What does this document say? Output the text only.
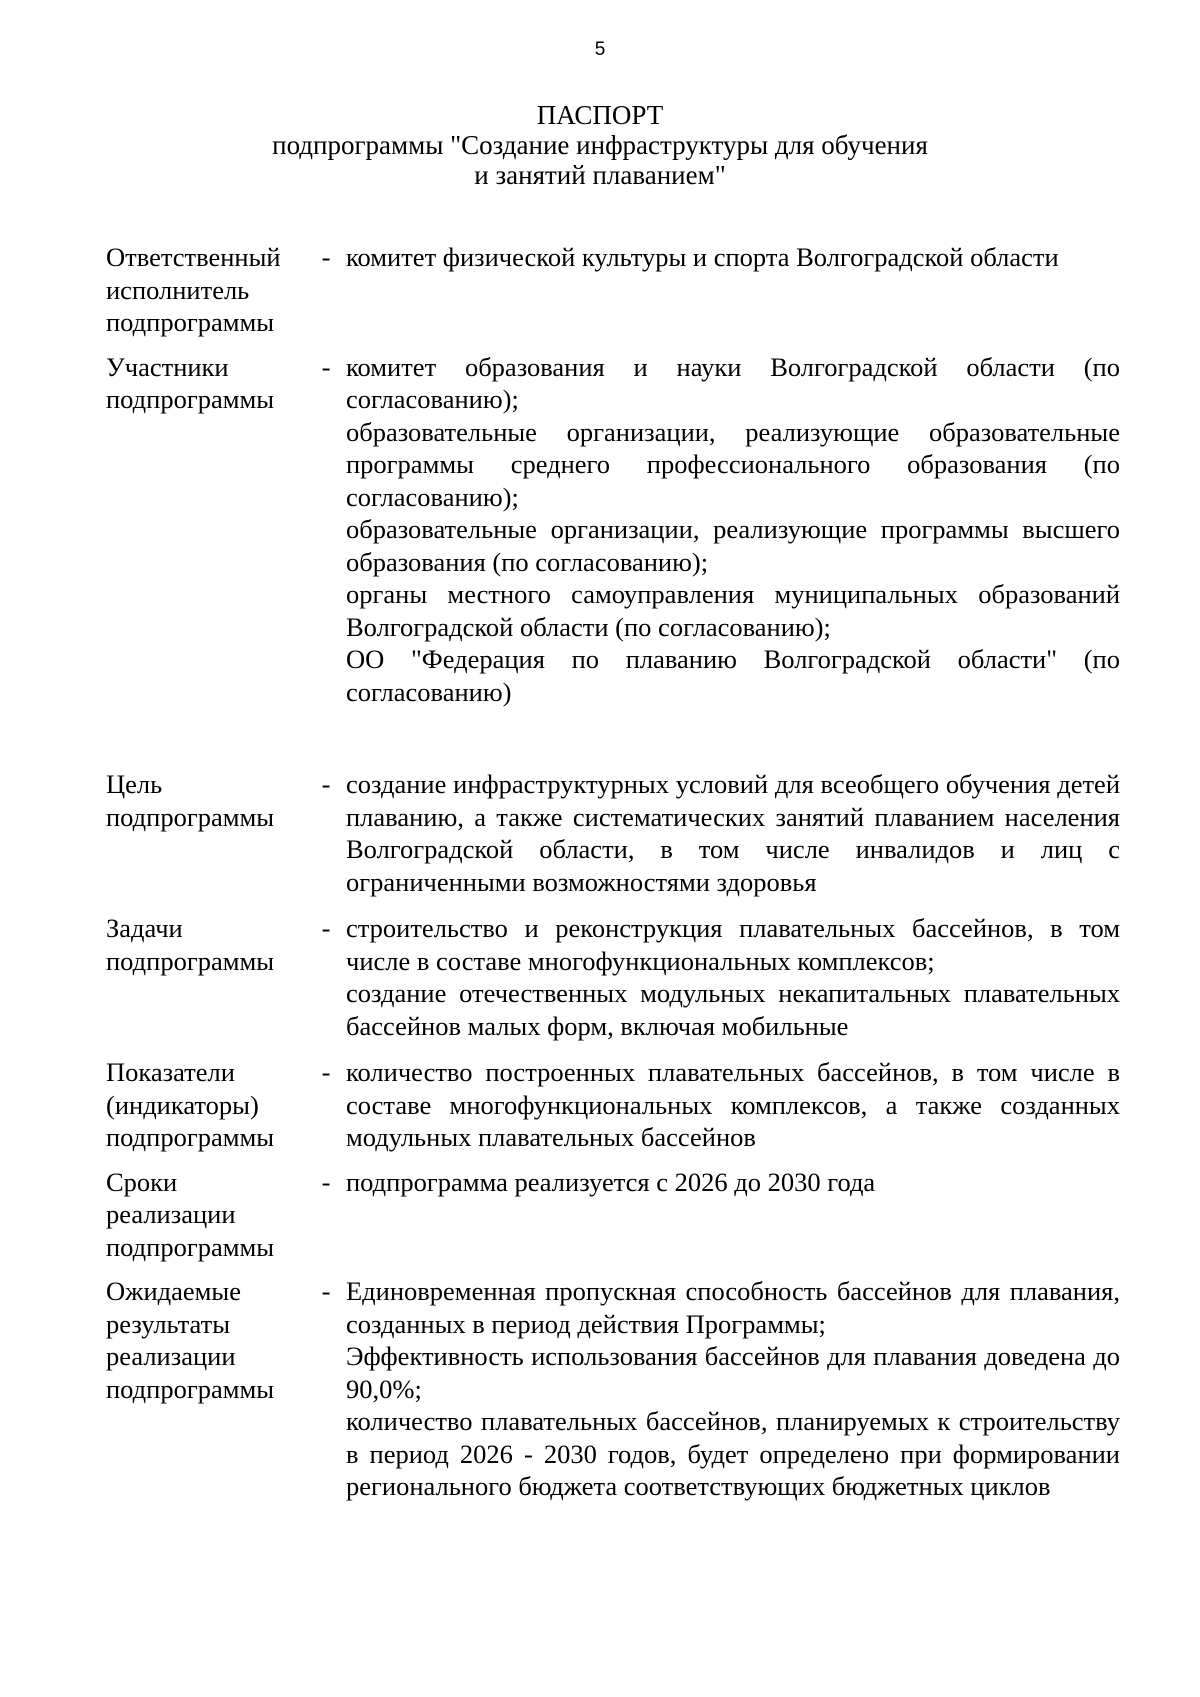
5
ПАСПОРТ
подпрограммы "Создание инфраструктуры для обучения
и занятий плаванием"
Ответственный
исполнитель
подпрограммы
- комитет физической культуры и спорта Волгоградской области

Участники
подпрограммы
- комитет образования и науки Волгоградской области (по согласованию);

образовательные организации, реализующие образовательные программы среднего профессионального образования (по согласованию);

образовательные организации, реализующие программы высшего образования (по согласованию);

органы местного самоуправления муниципальных образований Волгоградской области (по согласованию);

ОО "Федерация по плаванию Волгоградской области" (по согласованию)

Цель
подпрограммы
- создание инфраструктурных условий для всеобщего обучения детей плаванию, а также систематических занятий плаванием населения Волгоградской области, в том числе инвалидов и лиц с ограниченными возможностями здоровья

Задачи
подпрограммы
- строительство и реконструкция плавательных бассейнов, в том числе в составе многофункциональных комплексов;

создание отечественных модульных некапитальных плавательных бассейнов малых форм, включая мобильные

Показатели
(индикаторы)
подпрограммы
- количество построенных плавательных бассейнов, в том числе в составе многофункциональных комплексов, а также созданных модульных плавательных бассейнов

Сроки
реализации
подпрограммы
- подпрограмма реализуется с 2026 до 2030 года

Ожидаемые
результаты
реализации
подпрограммы
- Единовременная пропускная способность бассейнов для плавания, созданных в период действия Программы;

Эффективность использования бассейнов для плавания доведена до 90,0%;

количество плавательных бассейнов, планируемых к строительству в период 2026 - 2030 годов, будет определено при формировании регионального бюджета соответствующих бюджетных циклов
